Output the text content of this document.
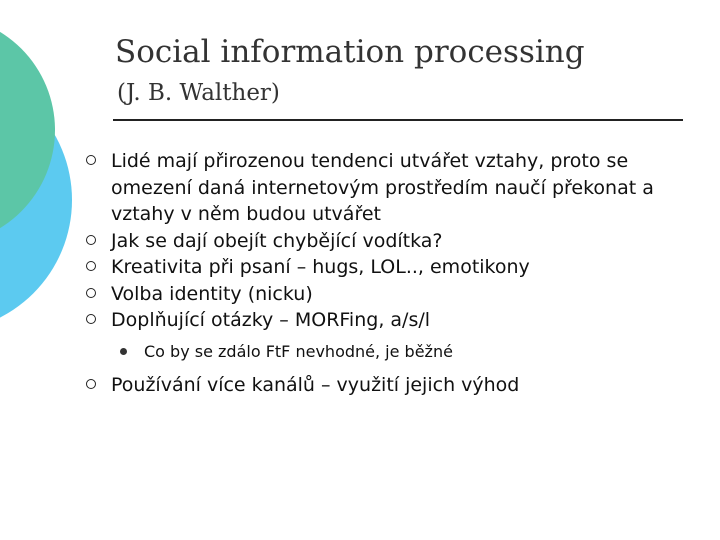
Social information processing
(J. B. Walther)
Lidé mají přirozenou tendenci utvářet vztahy, proto se omezení daná internetovým prostředím naučí překonat a vztahy v něm budou utvářet
Jak se dají obejít chybějící vodítka?
Kreativita při psaní – hugs, LOL.., emotikony
Volba identity (nicku)
Doplňující otázky – MORFing, a/s/l
Co by se zdálo FtF nevhodné, je běžné
Používání více kanálů – využití jejich výhod
